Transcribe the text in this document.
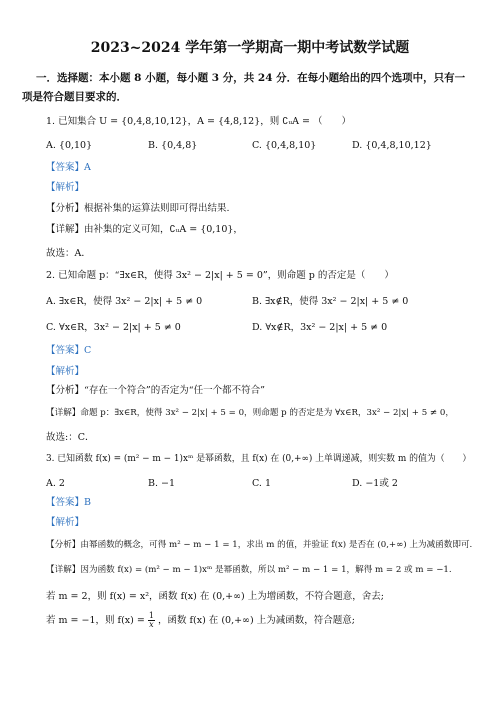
2023~2024 学年第一学期高一期中考试数学试题
一．选择题：本小题 8 小题，每小题 3 分，共 24 分．在每小题给出的四个选项中，只有一
项是符合题目要求的．
1. 已知集合 U = {0,4,8,10,12}，A = {4,8,12}，则 ∁ᵤA = （　　）
A. {0,10}	B. {0,4,8}	C. {0,4,8,10}	D. {0,4,8,10,12}
【答案】A
【解析】
【分析】根据补集的运算法则即可得出结果.
【详解】由补集的定义可知，∁ᵤA = {0,10}，
故选：A．
2. 已知命题 p：“∃x∈R，使得 3x² − 2|x| + 5 = 0”，则命题 p 的否定是（　　）
A. ∃x∈R，使得 3x² − 2|x| + 5 ≠ 0	B. ∃x∉R，使得 3x² − 2|x| + 5 ≠ 0
C. ∀x∈R，3x² − 2|x| + 5 ≠ 0	D. ∀x∉R，3x² − 2|x| + 5 ≠ 0
【答案】C
【解析】
【分析】“存在一个符合”的否定为“任一个都不符合”
【详解】命题 p：∃x∈R，使得 3x² − 2|x| + 5 = 0，则命题 p 的否定是为 ∀x∈R，3x² − 2|x| + 5 ≠ 0，
故选:：C．
3. 已知函数 f(x) = (m² − m − 1)xᵐ 是幂函数，且 f(x) 在 (0,+∞) 上单调递减，则实数 m 的值为（　　）
A. 2	B. −1	C. 1	D. −1或 2
【答案】B
【解析】
【分析】由幂函数的概念，可得 m² − m − 1 = 1，求出 m 的值，并验证 f(x) 是否在 (0,+∞) 上为减函数即可.
【详解】因为函数 f(x) = (m² − m − 1)xᵐ 是幂函数，所以 m² − m − 1 = 1，解得 m = 2 或 m = −1.
若 m = 2，则 f(x) = x²，函数 f(x) 在 (0,+∞) 上为增函数，不符合题意，舍去;
若 m = −1，则 $f(x) = \frac{1}{x}$ ，函数 f(x) 在 (0,+∞) 上为减函数，符合题意;
